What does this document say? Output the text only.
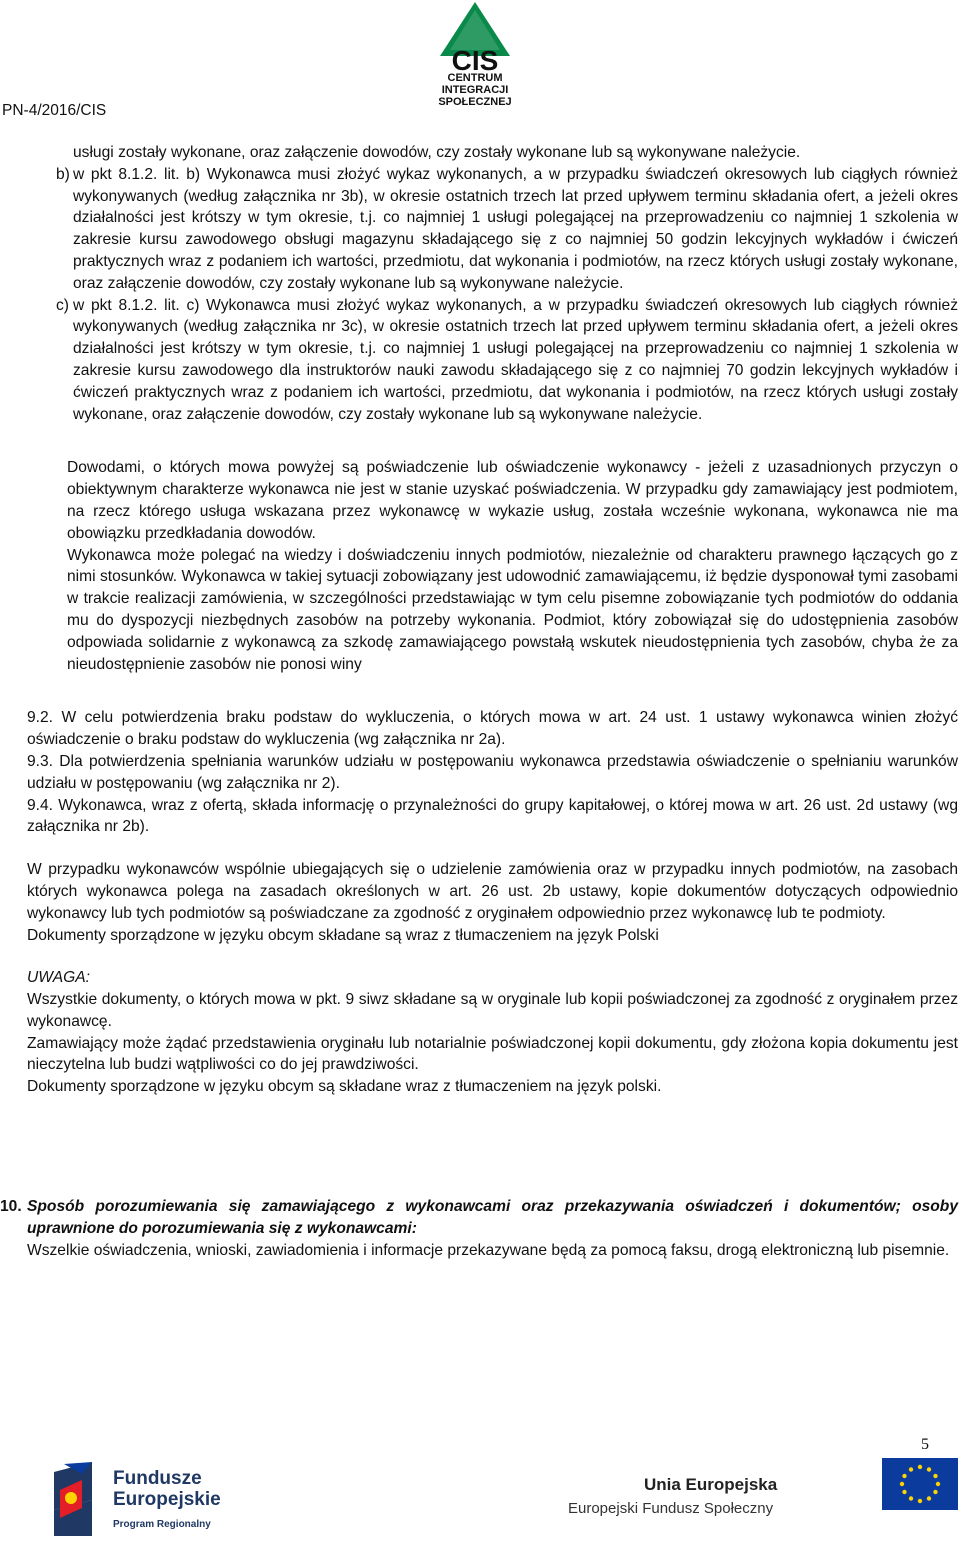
PN-4/2016/CIS
CIS
CENTRUM
INTEGRACJI
SPOŁECZNEJ

usługi zostały wykonane, oraz załączenie dowodów, czy zostały wykonane lub są wykonywane należycie.

b) w pkt 8.1.2. lit. b) Wykonawca musi złożyć wykaz wykonanych, a w przypadku świadczeń okresowych lub ciągłych również wykonywanych (według załącznika nr 3b), w okresie ostatnich trzech lat przed upływem terminu składania ofert, a jeżeli okres działalności jest krótszy w tym okresie, t.j. co najmniej 1 usługi polegającej na przeprowadzeniu co najmniej 1 szkolenia w zakresie kursu zawodowego obsługi magazynu składającego się z co najmniej 50 godzin lekcyjnych wykładów i ćwiczeń praktycznych wraz z podaniem ich wartości, przedmiotu, dat wykonania i podmiotów, na rzecz których usługi zostały wykonane, oraz załączenie dowodów, czy zostały wykonane lub są wykonywane należycie.
c) w pkt 8.1.2. lit. c) Wykonawca musi złożyć wykaz wykonanych, a w przypadku świadczeń okresowych lub ciągłych również wykonywanych (według załącznika nr 3c), w okresie ostatnich trzech lat przed upływem terminu składania ofert, a jeżeli okres działalności jest krótszy w tym okresie, t.j. co najmniej 1 usługi polegającej na przeprowadzeniu co najmniej 1 szkolenia w zakresie kursu zawodowego dla instruktorów nauki zawodu składającego się z co najmniej 70 godzin lekcyjnych wykładów i ćwiczeń praktycznych wraz z podaniem ich wartości, przedmiotu, dat wykonania i podmiotów, na rzecz których usługi zostały wykonane, oraz załączenie dowodów, czy zostały wykonane lub są wykonywane należycie.

Dowodami, o których mowa powyżej są poświadczenie lub oświadczenie wykonawcy - jeżeli z uzasadnionych przyczyn o obiektywnym charakterze wykonawca nie jest w stanie uzyskać poświadczenia. W przypadku gdy zamawiający jest podmiotem, na rzecz którego usługa wskazana przez wykonawcę w wykazie usług, została wcześnie wykonana, wykonawca nie ma obowiązku przedkładania dowodów.

Wykonawca może polegać na wiedzy i doświadczeniu innych podmiotów, niezależnie od charakteru prawnego łączących go z nimi stosunków. Wykonawca w takiej sytuacji zobowiązany jest udowodnić zamawiającemu, iż będzie dysponował tymi zasobami w trakcie realizacji zamówienia, w szczególności przedstawiając w tym celu pisemne zobowiązanie tych podmiotów do oddania mu do dyspozycji niezbędnych zasobów na potrzeby wykonania. Podmiot, który zobowiązał się do udostępnienia zasobów odpowiada solidarnie z wykonawcą za szkodę zamawiającego powstałą wskutek nieudostępnienia tych zasobów, chyba że za nieudostępnienie zasobów nie ponosi winy

9.2. W celu potwierdzenia braku podstaw do wykluczenia, o których mowa w art. 24 ust. 1 ustawy wykonawca winien złożyć oświadczenie o braku podstaw do wykluczenia (wg załącznika nr 2a).

9.3. Dla potwierdzenia spełniania warunków udziału w postępowaniu wykonawca przedstawia oświadczenie o spełnianiu warunków udziału w postępowaniu (wg załącznika nr 2).

9.4. Wykonawca, wraz z ofertą, składa informację o przynależności do grupy kapitałowej, o której mowa w art. 26 ust. 2d ustawy (wg załącznika nr 2b).

W przypadku wykonawców wspólnie ubiegających się o udzielenie zamówienia oraz w przypadku innych podmiotów, na zasobach których wykonawca polega na zasadach określonych w art. 26 ust. 2b ustawy, kopie dokumentów dotyczących odpowiednio wykonawcy lub tych podmiotów są poświadczane za zgodność z oryginałem odpowiednio przez wykonawcę lub te podmioty.

Dokumenty sporządzone w języku obcym składane są wraz z tłumaczeniem na język Polski

UWAGA:

Wszystkie dokumenty, o których mowa w pkt. 9 siwz składane są w oryginale lub kopii poświadczonej za zgodność z oryginałem przez wykonawcę.

Zamawiający może żądać przedstawienia oryginału lub notarialnie poświadczonej kopii dokumentu, gdy złożona kopia dokumentu jest nieczytelna lub budzi wątpliwości co do jej prawdziwości.

Dokumenty sporządzone w języku obcym są składane wraz z tłumaczeniem na język polski.

10. Sposób porozumiewania się zamawiającego z wykonawcami oraz przekazywania oświadczeń i dokumentów; osoby uprawnione do porozumiewania się z wykonawcami:

Wszelkie oświadczenia, wnioski, zawiadomienia i informacje przekazywane będą za pomocą faksu, drogą elektroniczną lub pisemnie.

5
Fundusze
Europejskie
Program Regionalny
Unia Europejska
Europejski Fundusz Społeczny
